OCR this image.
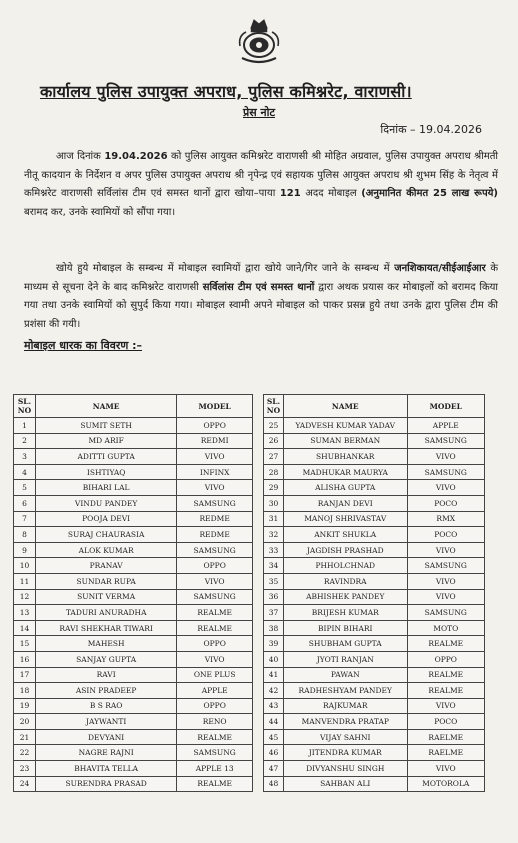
कार्यालय पुलिस उपायुक्त अपराध, पुलिस कमिश्नरेट, वाराणसी।
प्रेस नोट
दिनांक – 19.04.2026
आज दिनांक 19.04.2026 को पुलिस आयुक्त कमिश्नरेट वाराणसी श्री मोहित अग्रवाल, पुलिस उपायुक्त अपराध श्रीमती नीतू कादयान के निर्देशन व अपर पुलिस उपायुक्त अपराध श्री नृपेन्द्र एवं सहायक पुलिस आयुक्त अपराध श्री शुभम सिंह के नेतृत्व में कमिश्नरेट वाराणसी सर्विलांस टीम एवं समस्त थानों द्वारा खोया–पाया 121 अदद मोबाइल (अनुमानित कीमत 25 लाख रूपये) बरामद कर, उनके स्वामियों को सौंपा गया।
खोये हुये मोबाइल के सम्बन्ध में मोबाइल स्वामियों द्वारा खोये जाने/गिर जाने के सम्बन्ध में जनशिकायत/सीईआईआर के माध्यम से सूचना देने के बाद कमिश्नरेट वाराणसी सर्विलांस टीम एवं समस्त थानों द्वारा अथक प्रयास कर मोबाइलों को बरामद किया गया तथा उनके स्वामियों को सुपुर्द किया गया। मोबाइल स्वामी अपने मोबाइल को पाकर प्रसन्न हुये तथा उनके द्वारा पुलिस टीम की प्रशंसा की गयी।
मोबाइल धारक का विवरण :–
SL.
NO	NAME	MODEL
1	SUMIT SETH	OPPO
2	MD ARIF	REDMI
3	ADITTI GUPTA	VIVO
4	ISHTIYAQ	INFINX
5	BIHARI LAL	VIVO
6	VINDU PANDEY	SAMSUNG
7	POOJA DEVI	REDME
8	SURAJ CHAURASIA	REDME
9	ALOK KUMAR	SAMSUNG
10	PRANAV	OPPO
11	SUNDAR RUPA	VIVO
12	SUNIT VERMA	SAMSUNG
13	TADURI ANURADHA	REALME
14	RAVI SHEKHAR TIWARI	REALME
15	MAHESH	OPPO
16	SANJAY GUPTA	VIVO
17	RAVI	ONE PLUS
18	ASIN PRADEEP	APPLE
19	B S RAO	OPPO
20	JAYWANTI	RENO
21	DEVYANI	REALME
22	NAGRE RAJNI	SAMSUNG
23	BHAVITA TELLA	APPLE 13
24	SURENDRA PRASAD	REALME
SL.
NO	NAME	MODEL
25	YADVESH KUMAR YADAV	APPLE
26	SUMAN BERMAN	SAMSUNG
27	SHUBHANKAR	VIVO
28	MADHUKAR MAURYA	SAMSUNG
29	ALISHA GUPTA	VIVO
30	RANJAN DEVI	POCO
31	MANOJ SHRIVASTAV	RMX
32	ANKIT SHUKLA	POCO
33	JAGDISH PRASHAD	VIVO
34	PHHOLCHNAD	SAMSUNG
35	RAVINDRA	VIVO
36	ABHISHEK PANDEY	VIVO
37	BRIJESH KUMAR	SAMSUNG
38	BIPIN BIHARI	MOTO
39	SHUBHAM GUPTA	REALME
40	JYOTI RANJAN	OPPO
41	PAWAN	REALME
42	RADHESHYAM PANDEY	REALME
43	RAJKUMAR	VIVO
44	MANVENDRA PRATAP	POCO
45	VIJAY SAHNI	RAELME
46	JITENDRA KUMAR	RAELME
47	DIVYANSHU SINGH	VIVO
48	SAHBAN ALI	MOTOROLA
